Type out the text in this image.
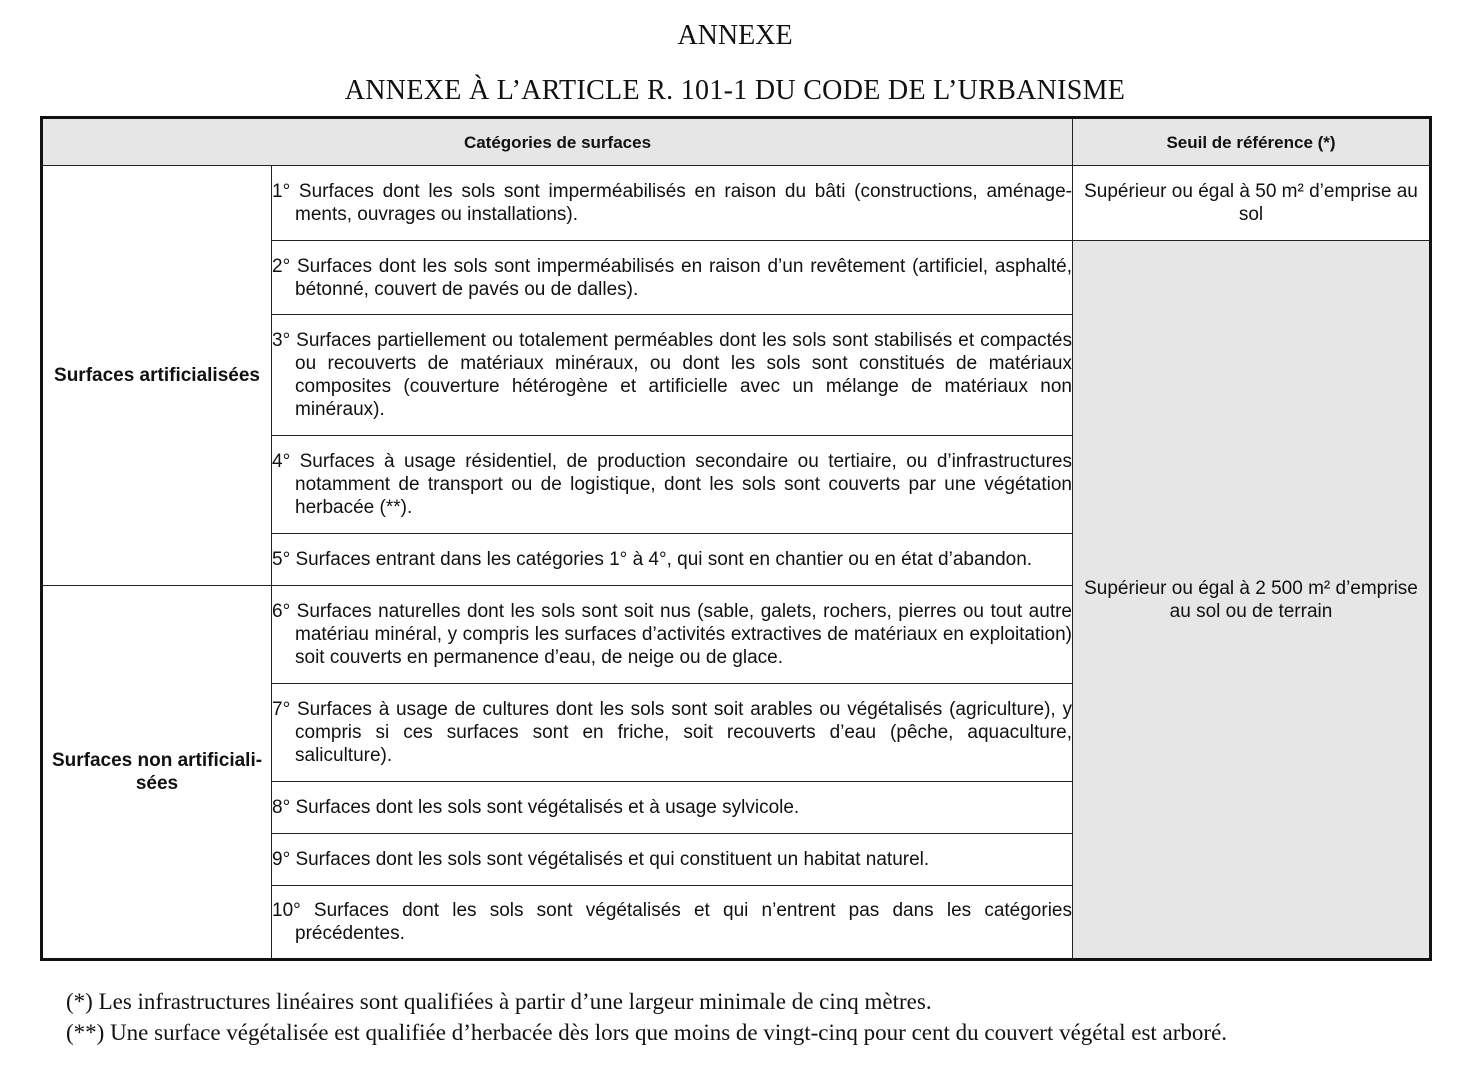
ANNEXE
ANNEXE À L’ARTICLE R. 101-1 DU CODE DE L’URBANISME
Catégories de surfaces		Seuil de référence (*)
Surfaces artificialisées	1° Surfaces dont les sols sont imperméabilisés en raison du bâti (constructions, aménage-ments, ouvrages ou installations).	Supérieur ou égal à 50 m² d’emprise au sol

	2° Surfaces dont les sols sont imperméabilisés en raison d’un revêtement (artificiel, asphalté, bétonné, couvert de pavés ou de dalles).	Supérieur ou égal à 2 500 m² d’emprise au sol ou de terrain

	3° Surfaces partiellement ou totalement perméables dont les sols sont stabilisés et compactés ou recouverts de matériaux minéraux, ou dont les sols sont constitués de matériaux composites (couverture hétérogène et artificielle avec un mélange de matériaux non minéraux).	

	4° Surfaces à usage résidentiel, de production secondaire ou tertiaire, ou d’infrastructures notamment de transport ou de logistique, dont les sols sont couverts par une végétation herbacée (**).	

	5° Surfaces entrant dans les catégories 1° à 4°, qui sont en chantier ou en état d’abandon.	

Surfaces non artificiali-sées	6° Surfaces naturelles dont les sols sont soit nus (sable, galets, rochers, pierres ou tout autre matériau minéral, y compris les surfaces d’activités extractives de matériaux en exploitation) soit couverts en permanence d’eau, de neige ou de glace.	

	7° Surfaces à usage de cultures dont les sols sont soit arables ou végétalisés (agriculture), y compris si ces surfaces sont en friche, soit recouverts d’eau (pêche, aquaculture, saliculture).	

	8° Surfaces dont les sols sont végétalisés et à usage sylvicole.	

	9° Surfaces dont les sols sont végétalisés et qui constituent un habitat naturel.	

	10° Surfaces dont les sols sont végétalisés et qui n’entrent pas dans les catégories précédentes.	

(*) Les infrastructures linéaires sont qualifiées à partir d’une largeur minimale de cinq mètres.

(**) Une surface végétalisée est qualifiée d’herbacée dès lors que moins de vingt-cinq pour cent du couvert végétal est arboré.
